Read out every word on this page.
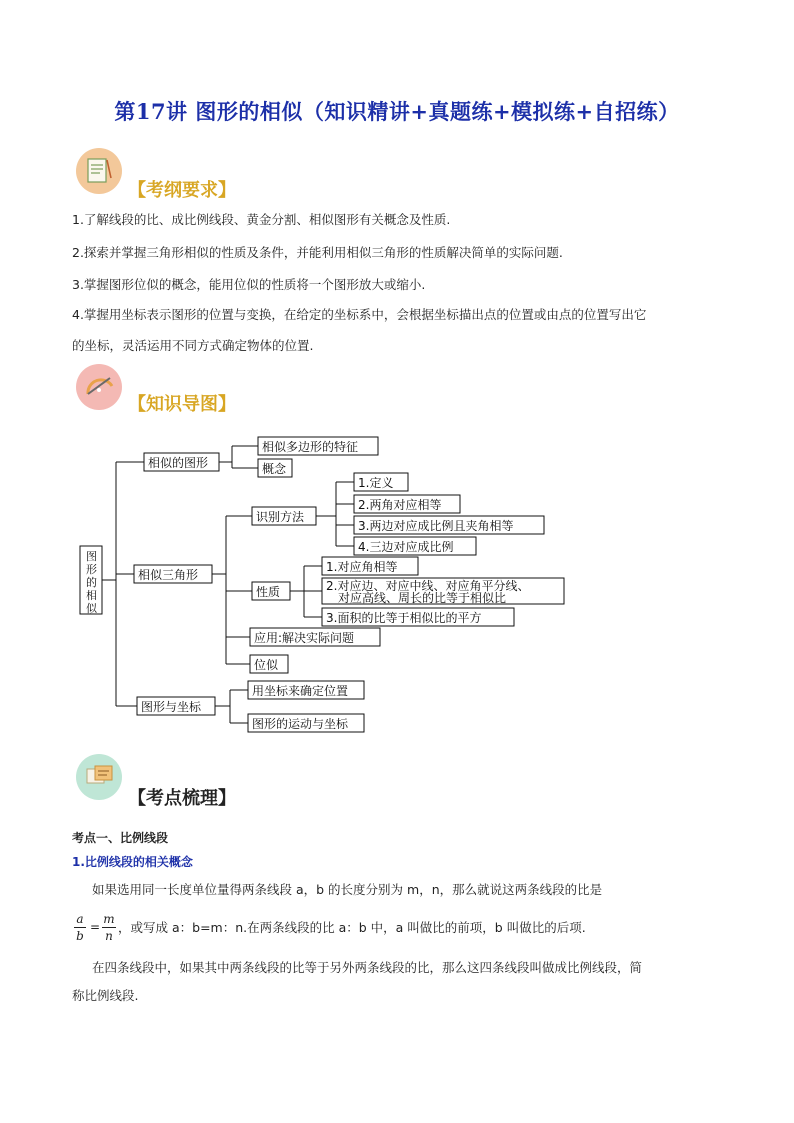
第17讲 图形的相似（知识精讲+真题练+模拟练+自招练）
【考纲要求】
1.了解线段的比、成比例线段、黄金分割、相似图形有关概念及性质.
2.探索并掌握三角形相似的性质及条件，并能利用相似三角形的性质解决简单的实际问题.
3.掌握图形位似的概念，能用位似的性质将一个图形放大或缩小.
4.掌握用坐标表示图形的位置与变换，在给定的坐标系中，会根据坐标描出点的位置或由点的位置写出它
的坐标，灵活运用不同方式确定物体的位置.
【知识导图】
图
形
的
相
似
相似的图形
相似多边形的特征
概念
相似三角形
识别方法
1.定义
2.两角对应相等
3.两边对应成比例且夹角相等
4.三边对应成比例
性质
1.对应角相等
2.对应边、对应中线、对应角平分线、
对应高线、周长的比等于相似比
3.面积的比等于相似比的平方
应用:解决实际问题
位似
图形与坐标
用坐标来确定位置
图形的运动与坐标
【考点梳理】
考点一、比例线段
1.比例线段的相关概念
如果选用同一长度单位量得两条线段 a，b 的长度分别为 m，n，那么就说这两条线段的比是
a
b
=
m
n
，或写成 a：b=m：n.在两条线段的比 a：b 中，a 叫做比的前项，b 叫做比的后项.
在四条线段中，如果其中两条线段的比等于另外两条线段的比，那么这四条线段叫做成比例线段，简
称比例线段.
